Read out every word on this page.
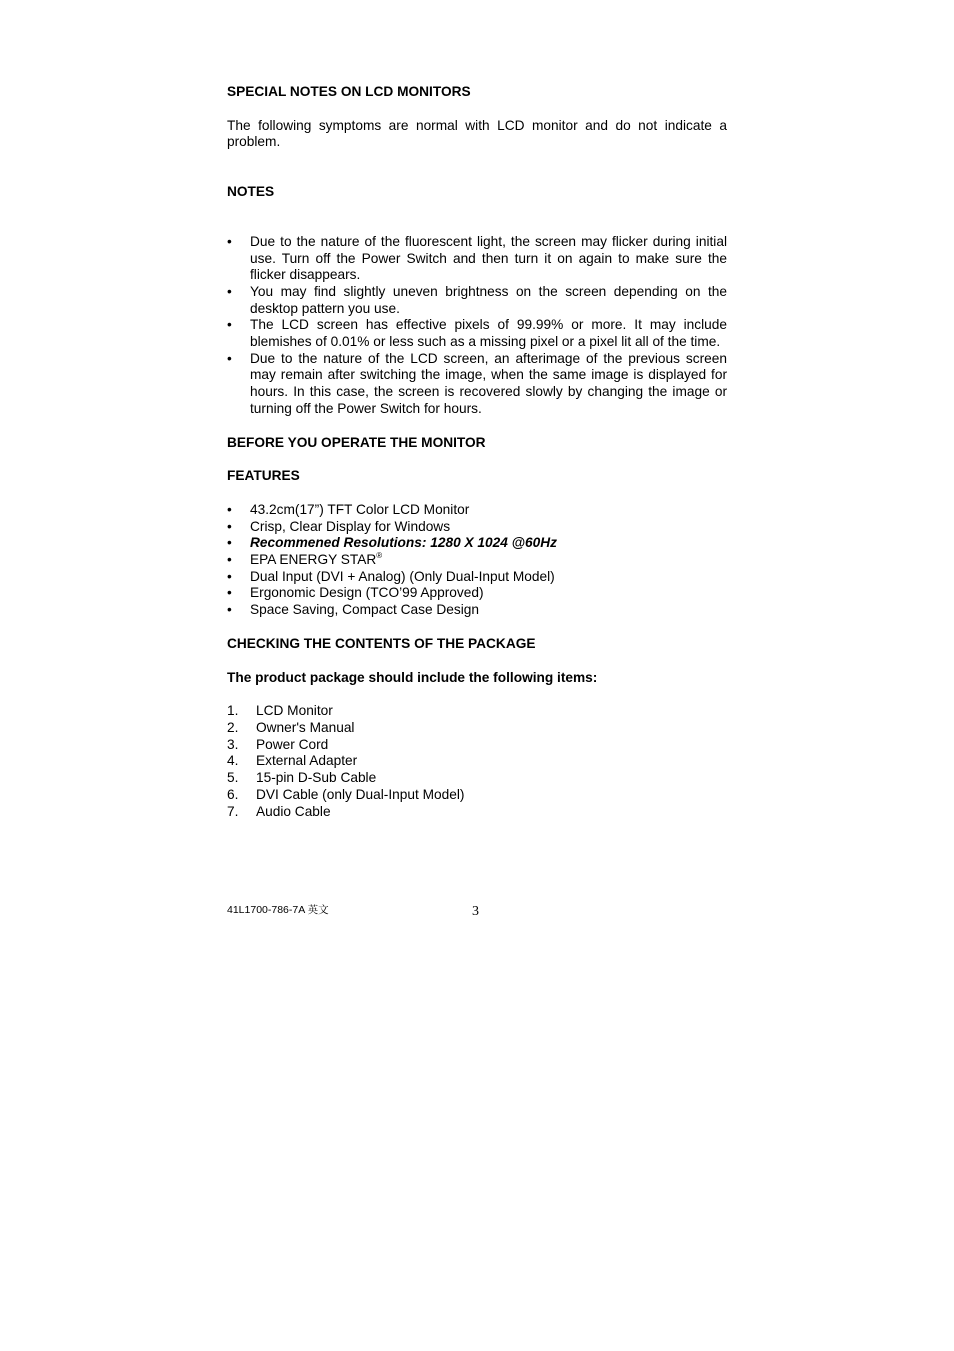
SPECIAL NOTES ON LCD MONITORS

The following symptoms are normal with LCD monitor and do not indicate a problem.

NOTES
•	Due to the nature of the fluorescent light, the screen may flicker during initial use. Turn off the Power Switch and then turn it on again to make sure the flicker disappears.
•	You may find slightly uneven brightness on the screen depending on the desktop pattern you use.
•	The LCD screen has effective pixels of 99.99% or more. It may include blemishes of 0.01% or less such as a missing pixel or a pixel lit all of the time.
•	Due to the nature of the LCD screen, an afterimage of the previous screen may remain after switching the image, when the same image is displayed for hours. In this case, the screen is recovered slowly by changing the image or turning off the Power Switch for hours.
BEFORE YOU OPERATE THE MONITOR
FEATURES
•	43.2cm(17”) TFT Color LCD Monitor
•	Crisp, Clear Display for Windows
•	Recommened Resolutions: 1280 X 1024 @60Hz
•	EPA ENERGY STAR®
•	Dual Input (DVI + Analog) (Only Dual-Input Model)
•	Ergonomic Design (TCO’99 Approved)
•	Space Saving, Compact Case Design
CHECKING THE CONTENTS OF THE PACKAGE
The product package should include the following items:
1. LCD Monitor
2. Owner's Manual
3. Power Cord
4. External Adapter
5. 15-pin D-Sub Cable
6. DVI Cable (only Dual-Input Model)
7. Audio Cable
41L1700-786-7A 英文	3
